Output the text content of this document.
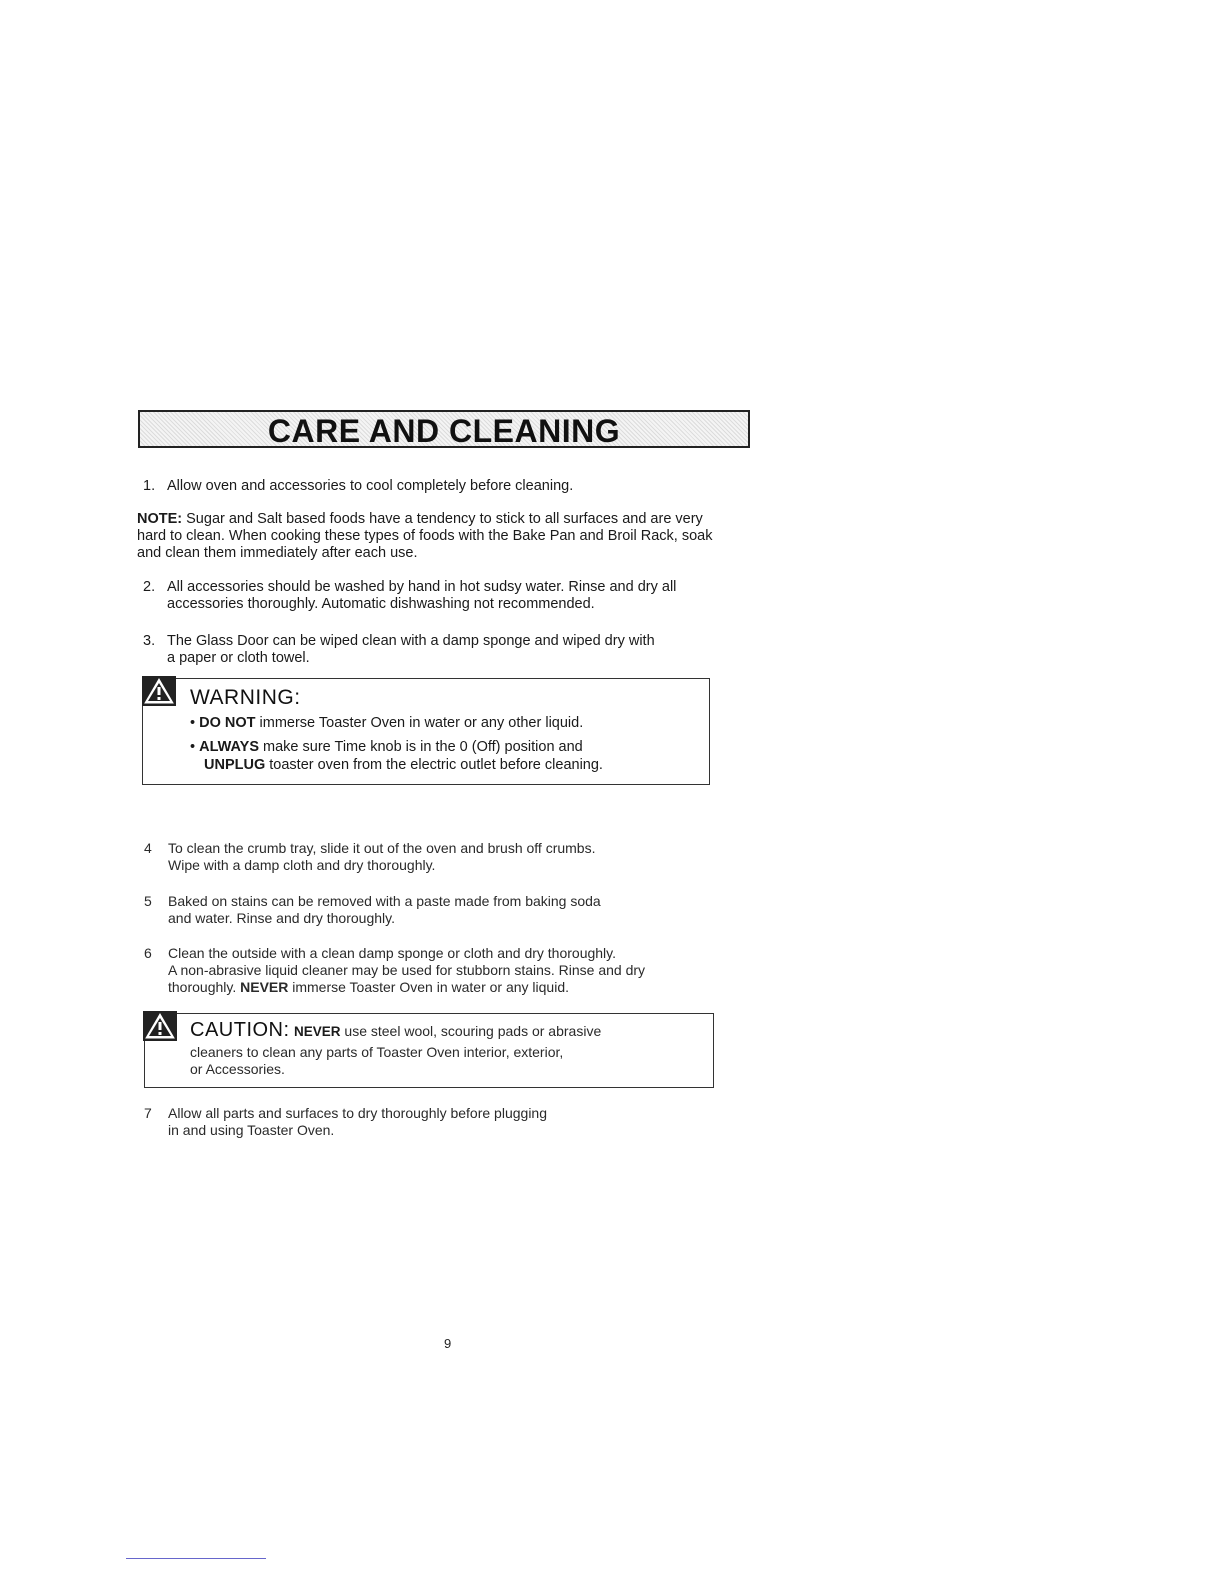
CARE AND CLEANING
1. Allow oven and accessories to cool completely before cleaning.
NOTE: Sugar and Salt based foods have a tendency to stick to all surfaces and are very hard to clean. When cooking these types of foods with the Bake Pan and Broil Rack, soak and clean them immediately after each use.
2. All accessories should be washed by hand in hot sudsy water. Rinse and dry all
accessories thoroughly. Automatic dishwashing not recommended.
3. The Glass Door can be wiped clean with a damp sponge and wiped dry with
a paper or cloth towel.
WARNING:
• DO NOT immerse Toaster Oven in water or any other liquid.
• ALWAYS make sure Time knob is in the 0 (Off) position and
UNPLUG toaster oven from the electric outlet before cleaning.
4	To clean the crumb tray, slide it out of the oven and brush off crumbs.
Wipe with a damp cloth and dry thoroughly.
5	Baked on stains can be removed with a paste made from baking soda
and water. Rinse and dry thoroughly.
6	Clean the outside with a clean damp sponge or cloth and dry thoroughly.
A non-abrasive liquid cleaner may be used for stubborn stains. Rinse and dry
thoroughly. NEVER immerse Toaster Oven in water or any liquid.
CAUTION: NEVER use steel wool, scouring pads or abrasive
cleaners to clean any parts of Toaster Oven interior, exterior,
or Accessories.
7	Allow all parts and surfaces to dry thoroughly before plugging
in and using Toaster Oven.
9
